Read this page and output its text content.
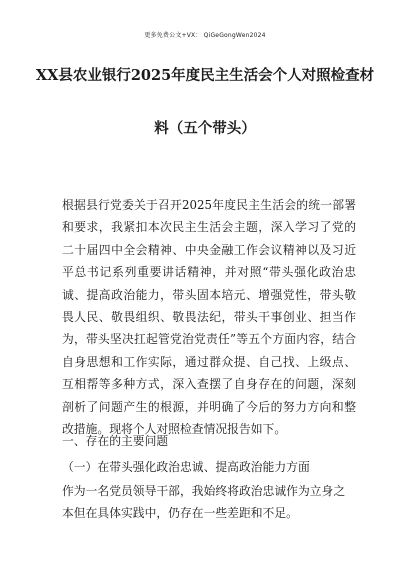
更多免费公文+VX： QiGeGongWen2024
XX县农业银行2025年度民主生活会个人对照检查材
料（五个带头）
根据县行党委关于召开2025年度民主生活会的统一部署和要求，我紧扣本次民主生活会主题，深入学习了党的二十届四中全会精神、中央金融工作会议精神以及习近平总书记系列重要讲话精神，并对照“带头强化政治忠诚、提高政治能力，带头固本培元、增强党性，带头敬畏人民、敬畏组织、敬畏法纪，带头干事创业、担当作为，带头坚决扛起管党治党责任”等五个方面内容，结合自身思想和工作实际，通过群众提、自己找、上级点、互相帮等多种方式，深入查摆了自身存在的问题，深刻剖析了问题产生的根源，并明确了今后的努力方向和整改措施。现将个人对照检查情况报告如下。
一、存在的主要问题
（一）在带头强化政治忠诚、提高政治能力方面
作为一名党员领导干部，我始终将政治忠诚作为立身之本但在具体实践中，仍存在一些差距和不足。
